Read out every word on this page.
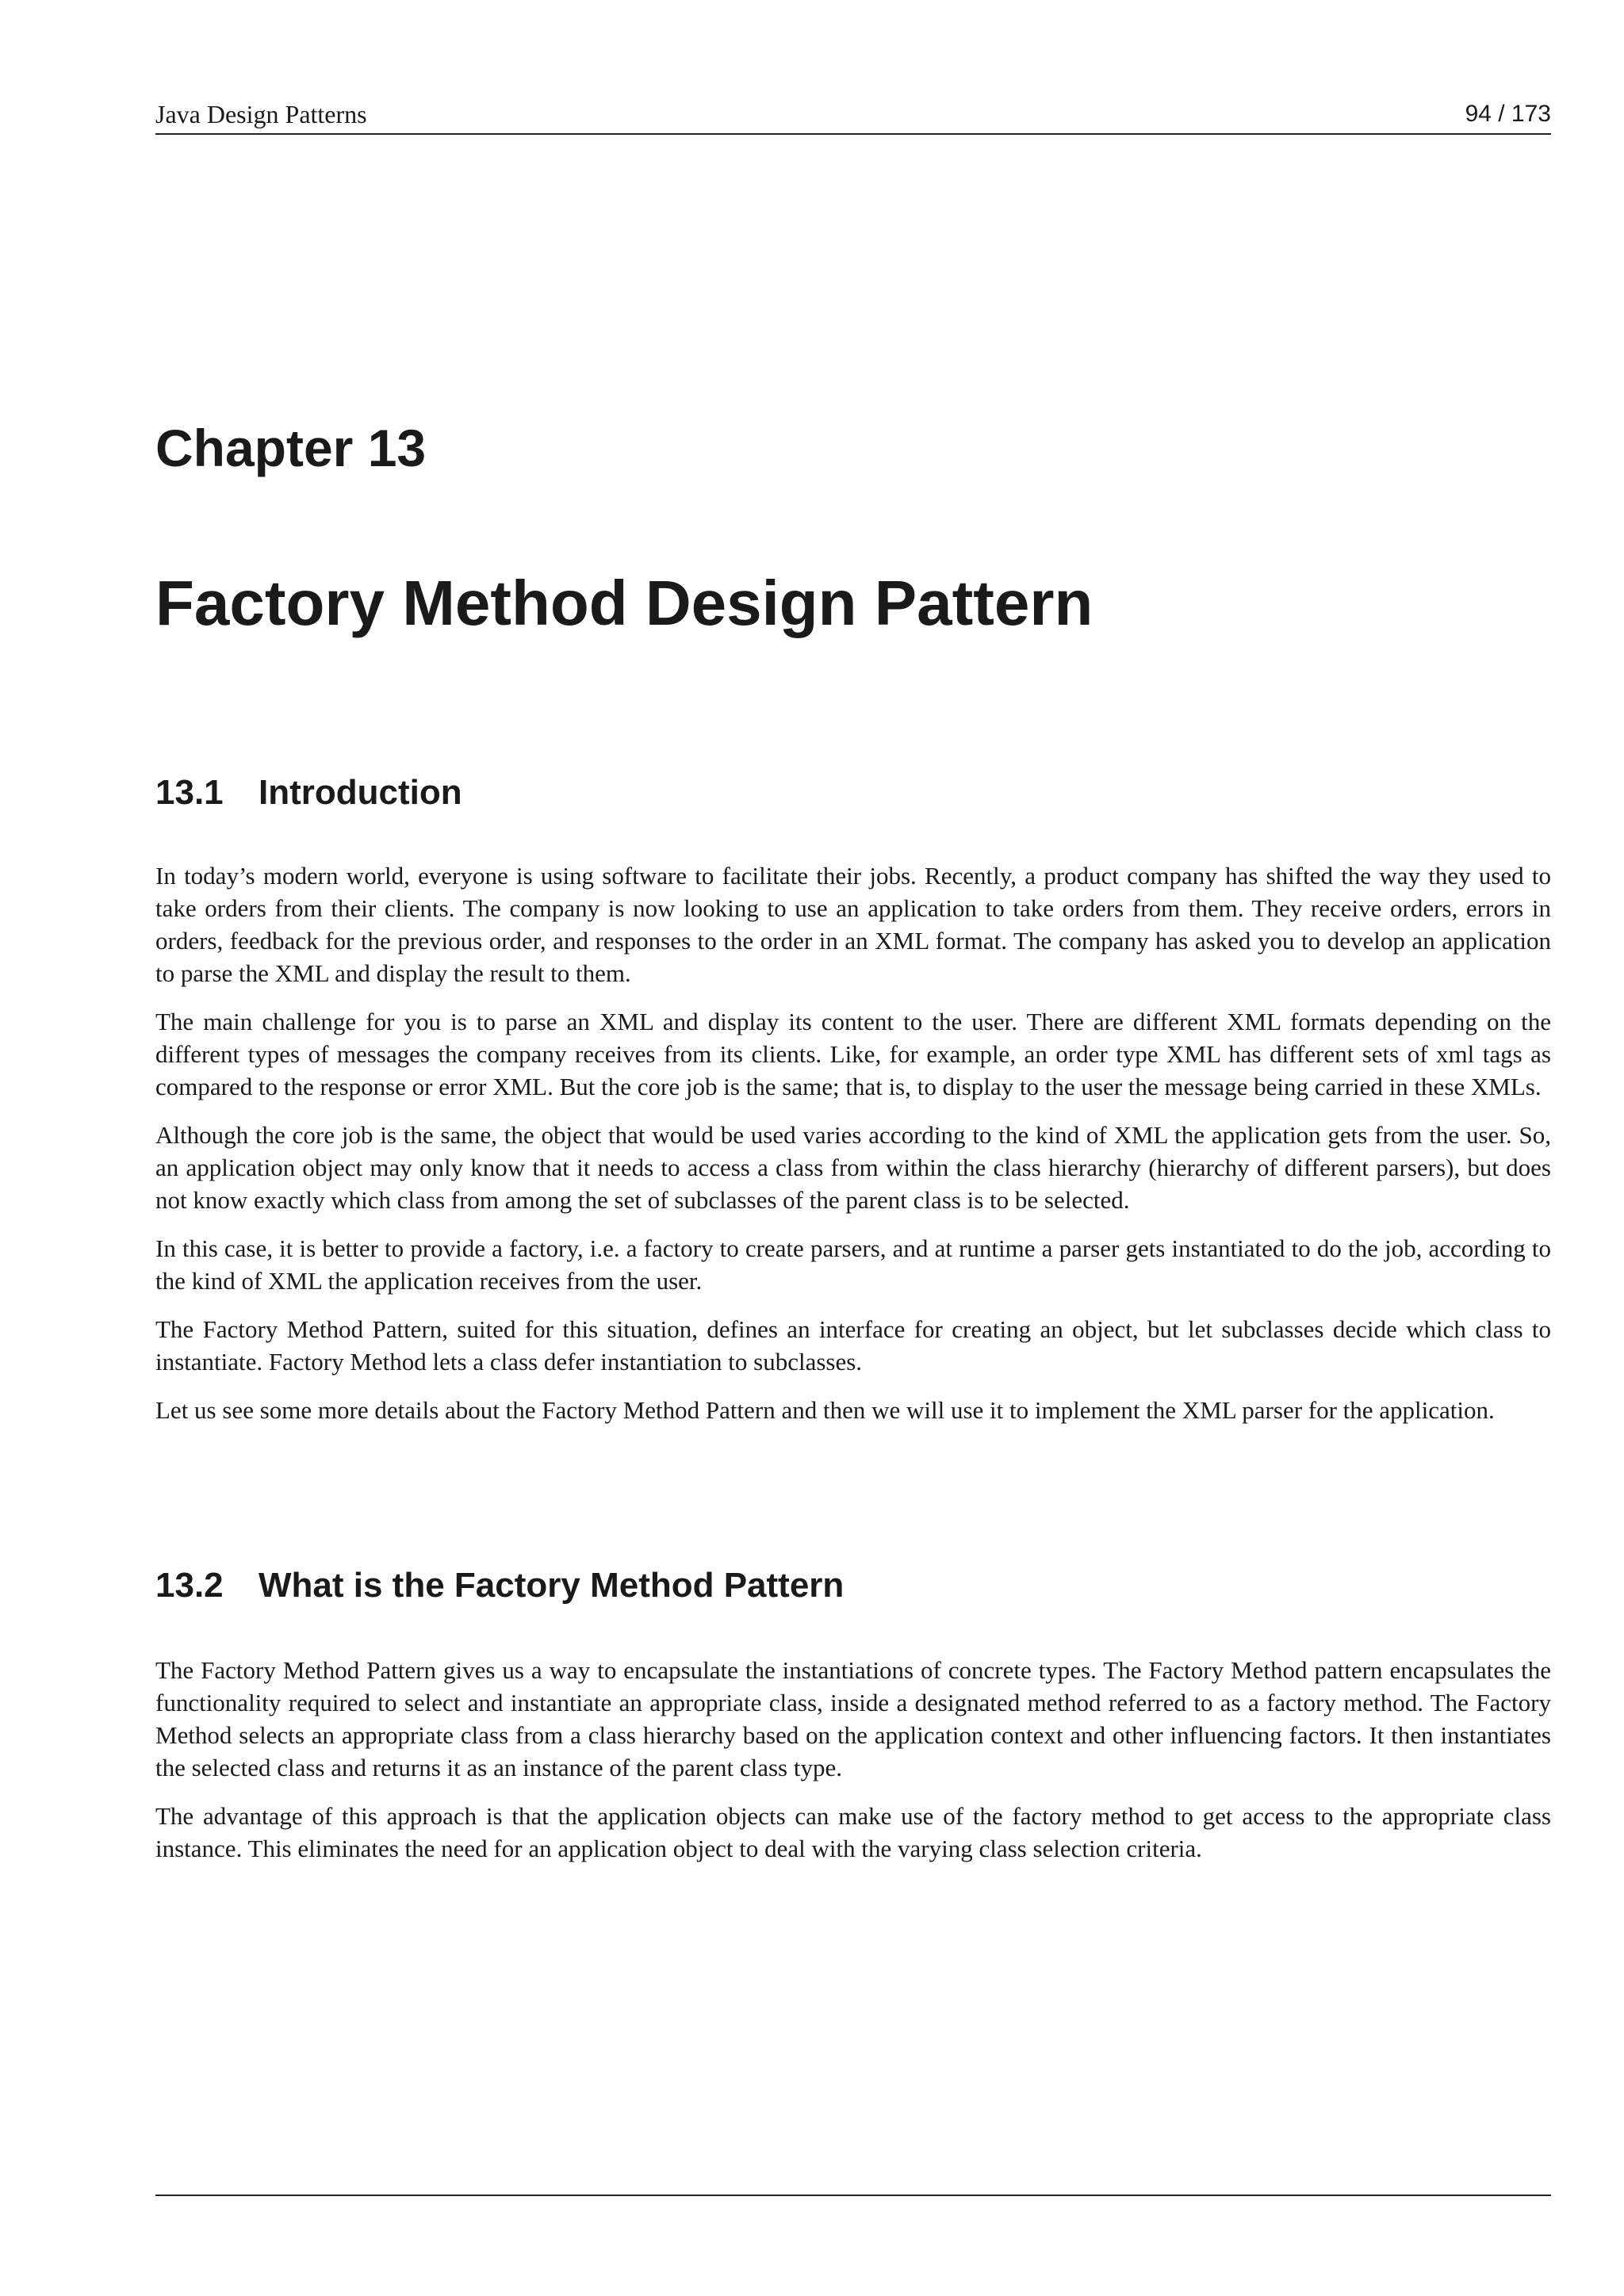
Java Design Patterns	94 / 173
Chapter 13
Factory Method Design Pattern
13.1	Introduction

In today’s modern world, everyone is using software to facilitate their jobs. Recently, a product company has shifted the way they used to take orders from their clients. The company is now looking to use an application to take orders from them. They receive orders, errors in orders, feedback for the previous order, and responses to the order in an XML format. The company has asked you to develop an application to parse the XML and display the result to them.

The main challenge for you is to parse an XML and display its content to the user. There are different XML formats depending on the different types of messages the company receives from its clients. Like, for example, an order type XML has different sets of xml tags as compared to the response or error XML. But the core job is the same; that is, to display to the user the message being carried in these XMLs.

Although the core job is the same, the object that would be used varies according to the kind of XML the application gets from the user. So, an application object may only know that it needs to access a class from within the class hierarchy (hierarchy of different parsers), but does not know exactly which class from among the set of subclasses of the parent class is to be selected.

In this case, it is better to provide a factory, i.e. a factory to create parsers, and at runtime a parser gets instantiated to do the job, according to the kind of XML the application receives from the user.

The Factory Method Pattern, suited for this situation, defines an interface for creating an object, but let subclasses decide which class to instantiate. Factory Method lets a class defer instantiation to subclasses.

Let us see some more details about the Factory Method Pattern and then we will use it to implement the XML parser for the application.

13.2	What is the Factory Method Pattern

The Factory Method Pattern gives us a way to encapsulate the instantiations of concrete types. The Factory Method pattern encapsulates the functionality required to select and instantiate an appropriate class, inside a designated method referred to as a factory method. The Factory Method selects an appropriate class from a class hierarchy based on the application context and other influencing factors. It then instantiates the selected class and returns it as an instance of the parent class type.

The advantage of this approach is that the application objects can make use of the factory method to get access to the appropriate class instance. This eliminates the need for an application object to deal with the varying class selection criteria.
